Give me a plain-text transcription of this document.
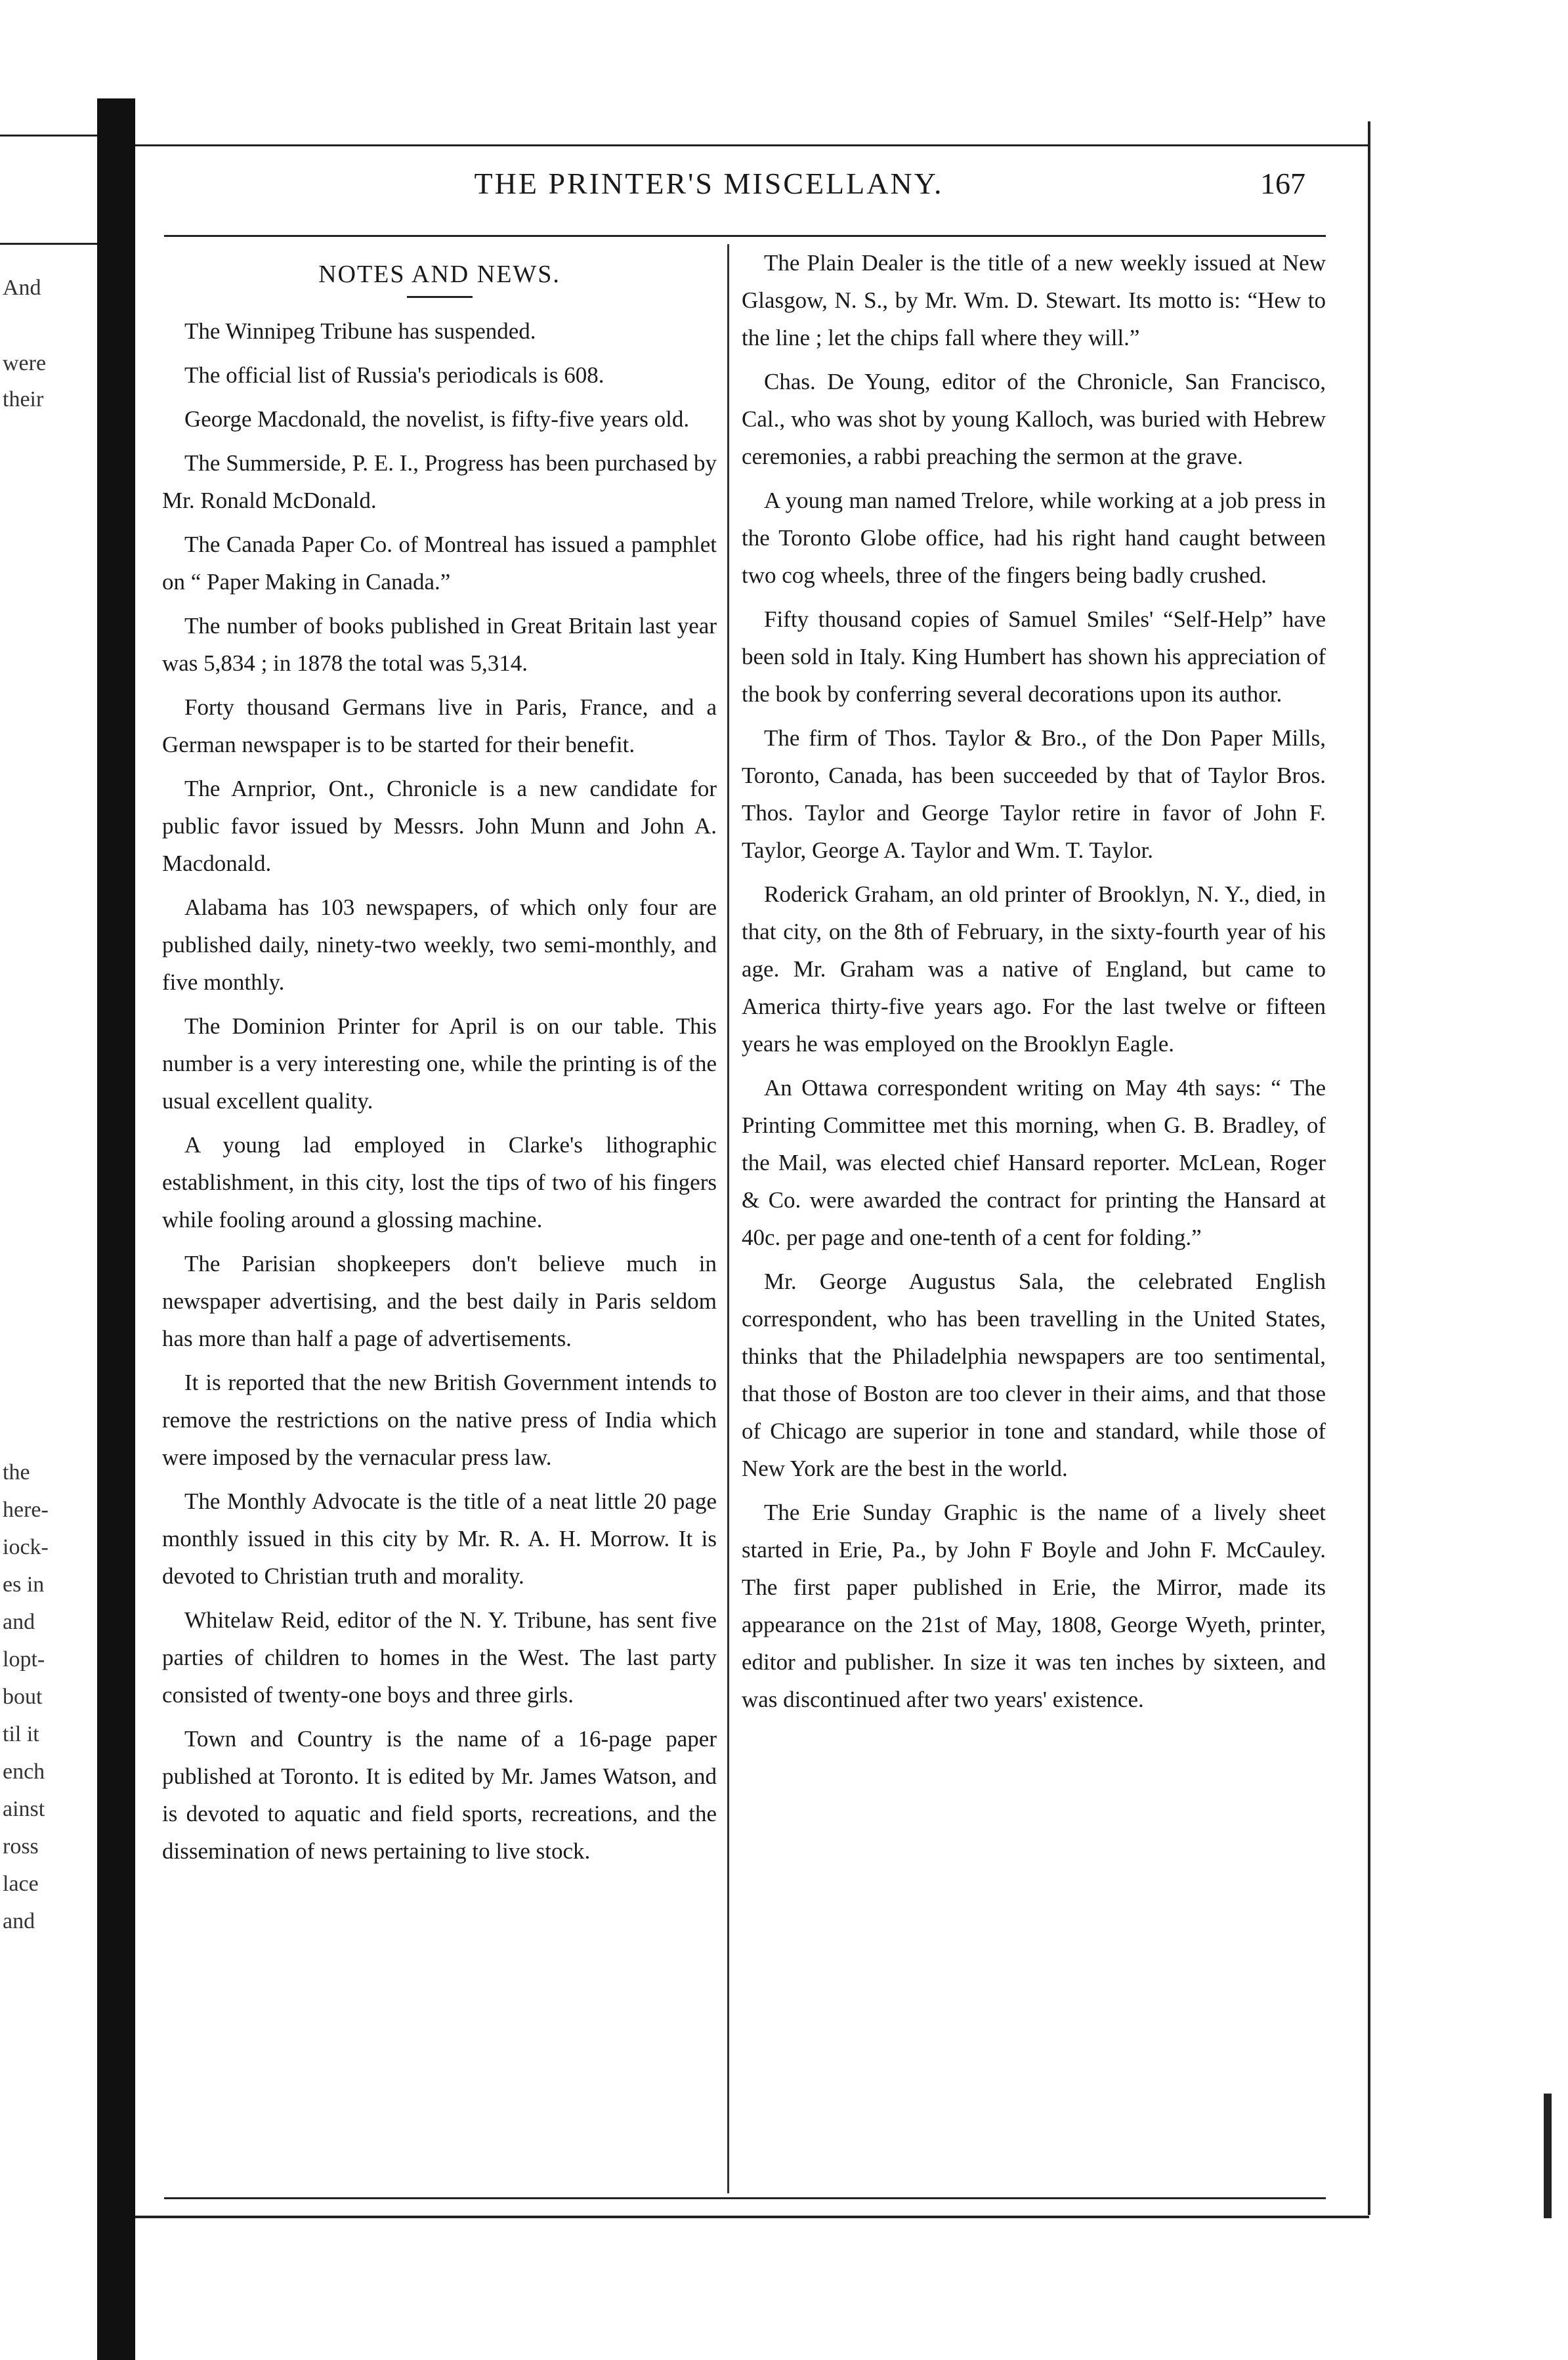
And
were
their
the
here-
iock-
es in
and
lopt-
bout
til it
ench
ainst
ross
lace
and
THE PRINTER'S MISCELLANY.	167
NOTES AND NEWS.

The Winnipeg Tribune has suspended.

The official list of Russia's periodicals is 608.

George Macdonald, the novelist, is fifty-five years old.

The Summerside, P. E. I., Progress has been purchased by Mr. Ronald McDonald.

The Canada Paper Co. of Montreal has issued a pamphlet on “ Paper Making in Canada.”

The number of books published in Great Britain last year was 5,834 ; in 1878 the total was 5,314.

Forty thousand Germans live in Paris, France, and a German newspaper is to be started for their benefit.

The Arnprior, Ont., Chronicle is a new candidate for public favor issued by Messrs. John Munn and John A. Macdonald.

Alabama has 103 newspapers, of which only four are published daily, ninety-two weekly, two semi-monthly, and five monthly.

The Dominion Printer for April is on our table. This number is a very interesting one, while the printing is of the usual excellent quality.

A young lad employed in Clarke's lithographic establishment, in this city, lost the tips of two of his fingers while fooling around a glossing machine.

The Parisian shopkeepers don't believe much in newspaper advertising, and the best daily in Paris seldom has more than half a page of advertisements.

It is reported that the new British Government intends to remove the restrictions on the native press of India which were imposed by the vernacular press law.

The Monthly Advocate is the title of a neat little 20 page monthly issued in this city by Mr. R. A. H. Morrow. It is devoted to Christian truth and morality.

Whitelaw Reid, editor of the N. Y. Tribune, has sent five parties of children to homes in the West. The last party consisted of twenty-one boys and three girls.

Town and Country is the name of a 16-page paper published at Toronto. It is edited by Mr. James Watson, and is devoted to aquatic and field sports, recreations, and the dissemination of news pertaining to live stock.

The Plain Dealer is the title of a new weekly issued at New Glasgow, N. S., by Mr. Wm. D. Stewart. Its motto is: “Hew to the line ; let the chips fall where they will.”

Chas. De Young, editor of the Chronicle, San Francisco, Cal., who was shot by young Kalloch, was buried with Hebrew ceremonies, a rabbi preaching the sermon at the grave.

A young man named Trelore, while working at a job press in the Toronto Globe office, had his right hand caught between two cog wheels, three of the fingers being badly crushed.

Fifty thousand copies of Samuel Smiles' “Self-Help” have been sold in Italy. King Humbert has shown his appreciation of the book by conferring several decorations upon its author.

The firm of Thos. Taylor & Bro., of the Don Paper Mills, Toronto, Canada, has been succeeded by that of Taylor Bros. Thos. Taylor and George Taylor retire in favor of John F. Taylor, George A. Taylor and Wm. T. Taylor.

Roderick Graham, an old printer of Brooklyn, N. Y., died, in that city, on the 8th of February, in the sixty-fourth year of his age. Mr. Graham was a native of England, but came to America thirty-five years ago. For the last twelve or fifteen years he was employed on the Brooklyn Eagle.

An Ottawa correspondent writing on May 4th says: “ The Printing Committee met this morning, when G. B. Bradley, of the Mail, was elected chief Hansard reporter. McLean, Roger & Co. were awarded the contract for printing the Hansard at 40c. per page and one-tenth of a cent for folding.”

Mr. George Augustus Sala, the celebrated English correspondent, who has been travelling in the United States, thinks that the Philadelphia newspapers are too sentimental, that those of Boston are too clever in their aims, and that those of Chicago are superior in tone and standard, while those of New York are the best in the world.

The Erie Sunday Graphic is the name of a lively sheet started in Erie, Pa., by John F Boyle and John F. McCauley. The first paper published in Erie, the Mirror, made its appearance on the 21st of May, 1808, George Wyeth, printer, editor and publisher. In size it was ten inches by sixteen, and was discontinued after two years' existence.
